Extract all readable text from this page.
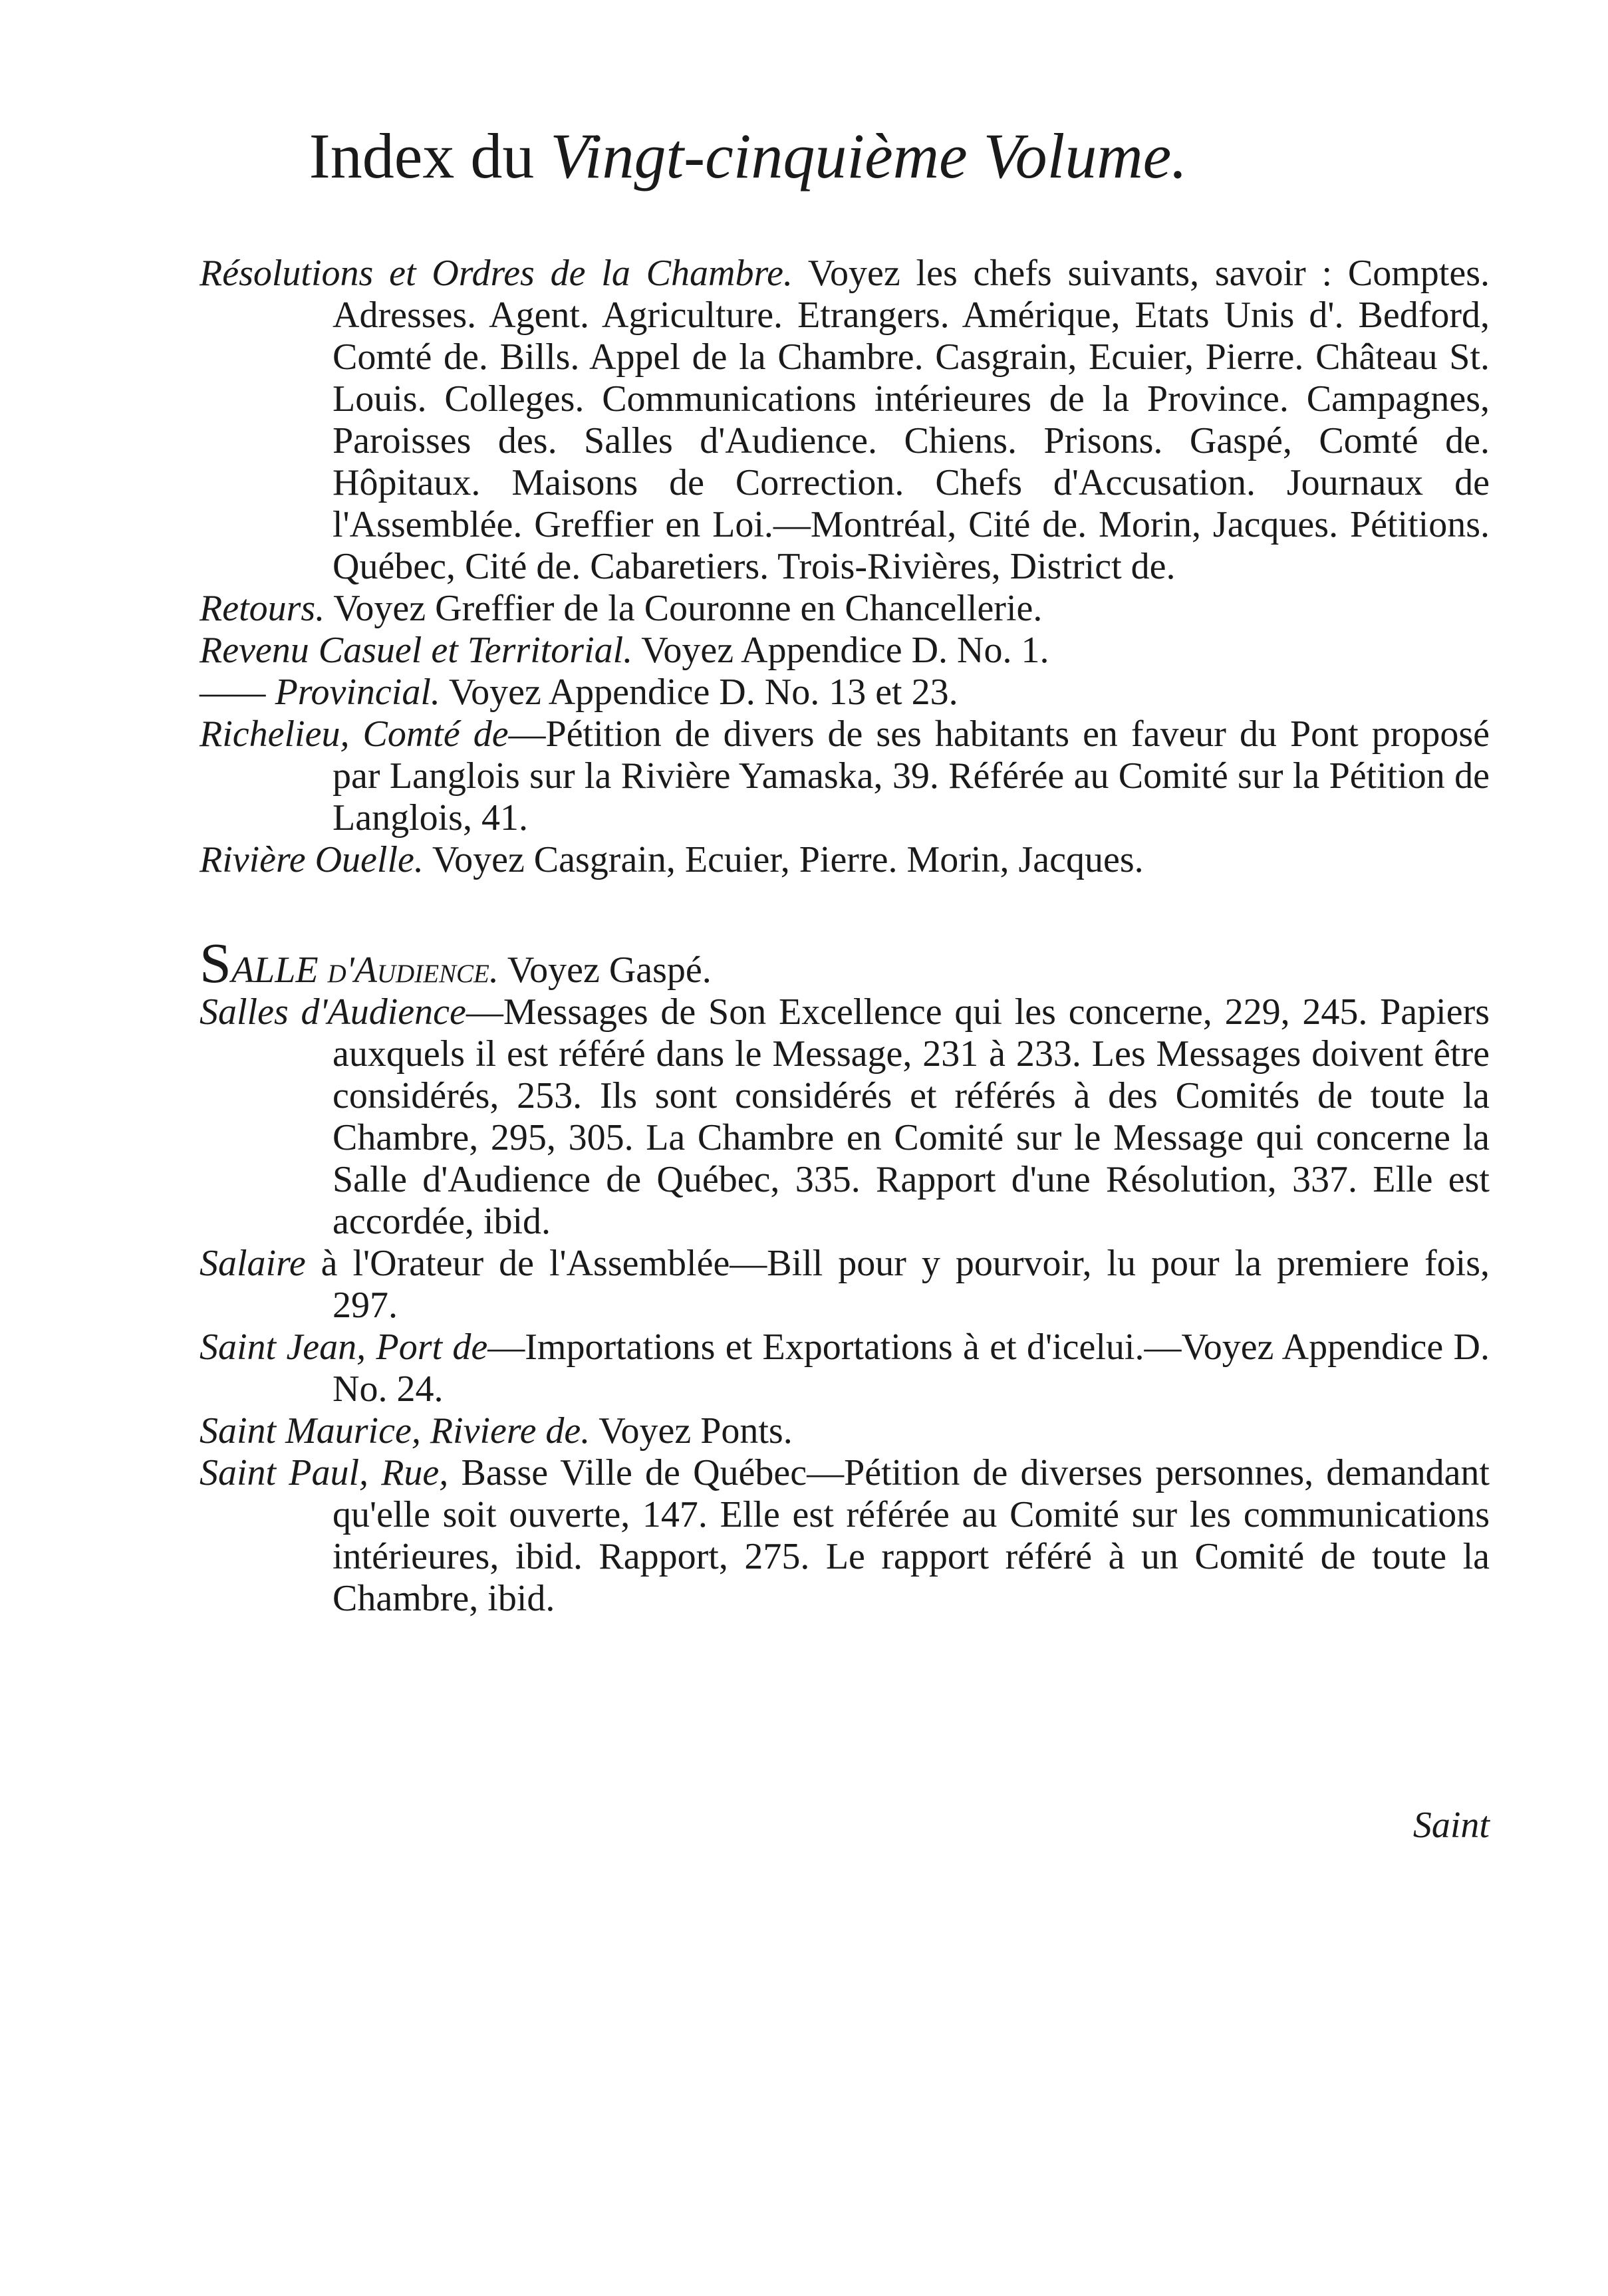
Index du Vingt-cinquième Volume.
Résolutions et Ordres de la Chambre. Voyez les chefs suivants, savoir : Comptes. Adresses. Agent. Agriculture. Etrangers. Amérique, Etats Unis d'. Bedford, Comté de. Bills. Appel de la Chambre. Casgrain, Ecuier, Pierre. Château St. Louis. Colleges. Communications intérieures de la Province. Campagnes, Paroisses des. Salles d'Audience. Chiens. Prisons. Gaspé, Comté de. Hôpitaux. Maisons de Correction. Chefs d'Accusation. Journaux de l'Assemblée. Greffier en Loi.—Montréal, Cité de. Morin, Jacques. Pétitions. Québec, Cité de. Cabaretiers. Trois-Rivières, District de.
Retours. Voyez Greffier de la Couronne en Chancellerie.
Revenu Casuel et Territorial. Voyez Appendice D. No. 1.
—— Provincial. Voyez Appendice D. No. 13 et 23.
Richelieu, Comté de—Pétition de divers de ses habitants en faveur du Pont proposé par Langlois sur la Rivière Yamaska, 39. Référée au Comité sur la Pétition de Langlois, 41.
Rivière Ouelle. Voyez Casgrain, Ecuier, Pierre. Morin, Jacques.
SALLE d'Audience. Voyez Gaspé.
Salles d'Audience—Messages de Son Excellence qui les concerne, 229, 245. Papiers auxquels il est référé dans le Message, 231 à 233. Les Messages doivent être considérés, 253. Ils sont considérés et référés à des Comités de toute la Chambre, 295, 305. La Chambre en Comité sur le Message qui concerne la Salle d'Audience de Québec, 335. Rapport d'une Résolution, 337. Elle est accordée, ibid.
Salaire à l'Orateur de l'Assemblée—Bill pour y pourvoir, lu pour la premiere fois, 297.
Saint Jean, Port de—Importations et Exportations à et d'icelui.—Voyez Appendice D. No. 24.
Saint Maurice, Riviere de. Voyez Ponts.
Saint Paul, Rue, Basse Ville de Québec—Pétition de diverses personnes, demandant qu'elle soit ouverte, 147. Elle est référée au Comité sur les communications intérieures, ibid. Rapport, 275. Le rapport référé à un Comité de toute la Chambre, ibid.
Saint
